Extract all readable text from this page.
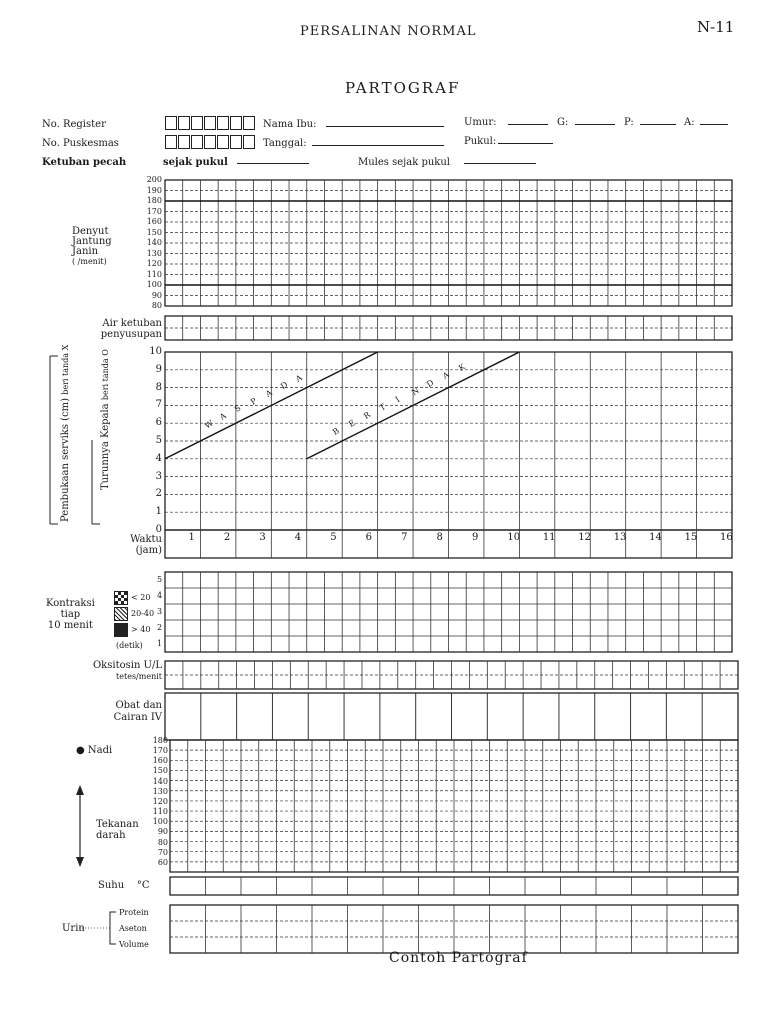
PERSALINAN NORMAL	N-11
PARTOGRAF
No. Register
No. Puskesmas
Nama Ibu:
Tanggal:
Umur:	G:	P:	A:
Pukul:
Ketuban pecah	sejak pukul	Mules sejak pukul
Denyut
Jantung
Janin
( /menit)
200
190
180
170
160
150
140
130
120
110
100
90
80
Air ketuban
penyusupan
Pembukaan serviks (cm) beri tanda X
Turunnya Kepala beri tanda O	10
9
8
7
6
5
4
3
2
1
0
1	2	3	4	5	6	7	8	9	10 11 12 13 14 15 16
W
A
S
P
A
D
A
B
E
R
T
I
N
D
A
K
Waktu
(jam)
Kontraksi
tiap
10 menit
< 20
20-40
> 40
(detik)
5
4
3
2
1
Oksitosin U/L
tetes/menit
Obat dan
Cairan IV
● Nadi
Tekanan
darah
180
170
160
150
140
130
120
110
100
90
80
70
60
Suhu °C
Urin
Protein
Aseton
Volume
Contoh Partograf
